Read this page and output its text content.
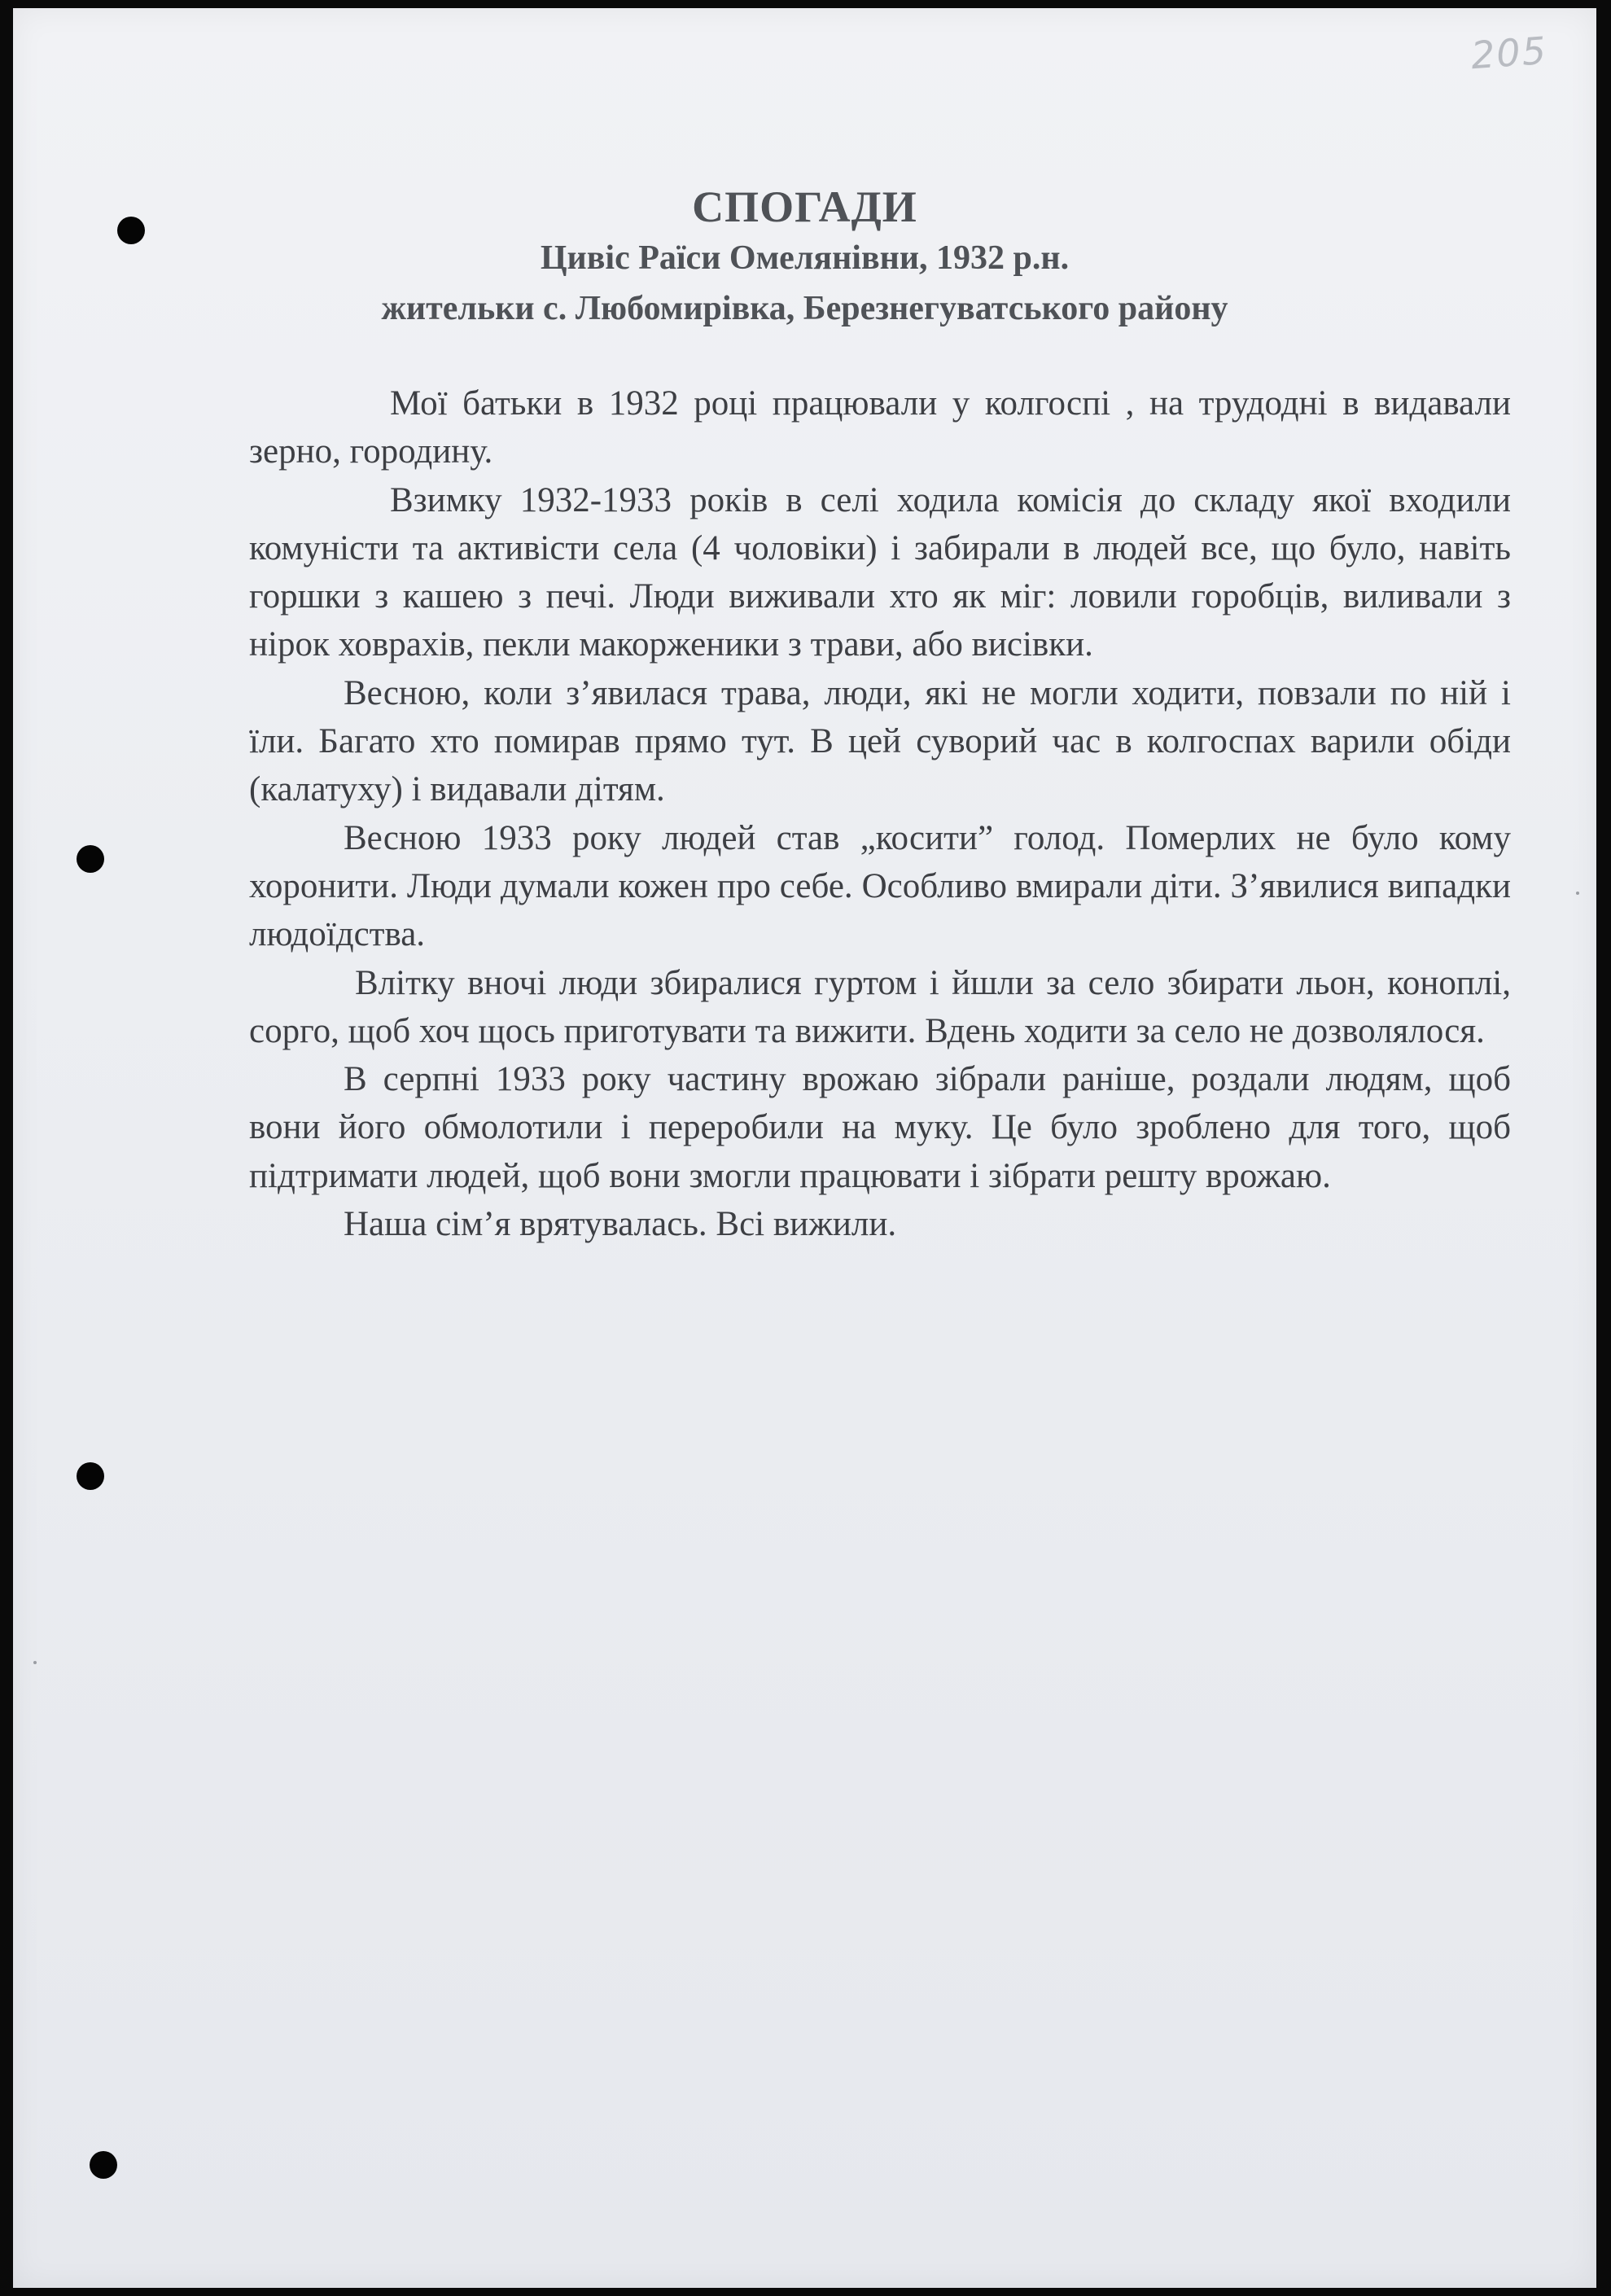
205
СПОГАДИ
Цивіс Раїси Омелянівни, 1932 р.н.
жительки с. Любомирівка, Березнегуватського району

Мої батьки в 1932 році працювали у колгоспі , на трудодні в видавали зерно, городину.

Взимку 1932-1933 років в селі ходила комісія до складу якої входили комуністи та активісти села (4 чоловіки) і забирали в людей все, що було, навіть горшки з кашею з печі. Люди виживали хто як міг: ловили горобців, виливали з нірок ховрахів, пекли макорженики з трави, або висівки.

Весною, коли з’явилася трава, люди, які не могли ходити, повзали по ній і їли. Багато хто помирав прямо тут. В цей суворий час в колгоспах варили обіди (калатуху) і видавали дітям.

Весною 1933 року людей став „косити” голод. Померлих не було кому хоронити. Люди думали кожен про себе. Особливо вмирали діти. З’явилися випадки людоїдства.

Влітку вночі люди збиралися гуртом і йшли за село збирати льон, коноплі, сорго, щоб хоч щось приготувати та вижити. Вдень ходити за село не дозволялося.

В серпні 1933 року частину врожаю зібрали раніше, роздали людям, щоб вони його обмолотили і переробили на муку. Це було зроблено для того, щоб підтримати людей, щоб вони змогли працювати і зібрати решту врожаю.

Наша сім’я врятувалась. Всі вижили.
